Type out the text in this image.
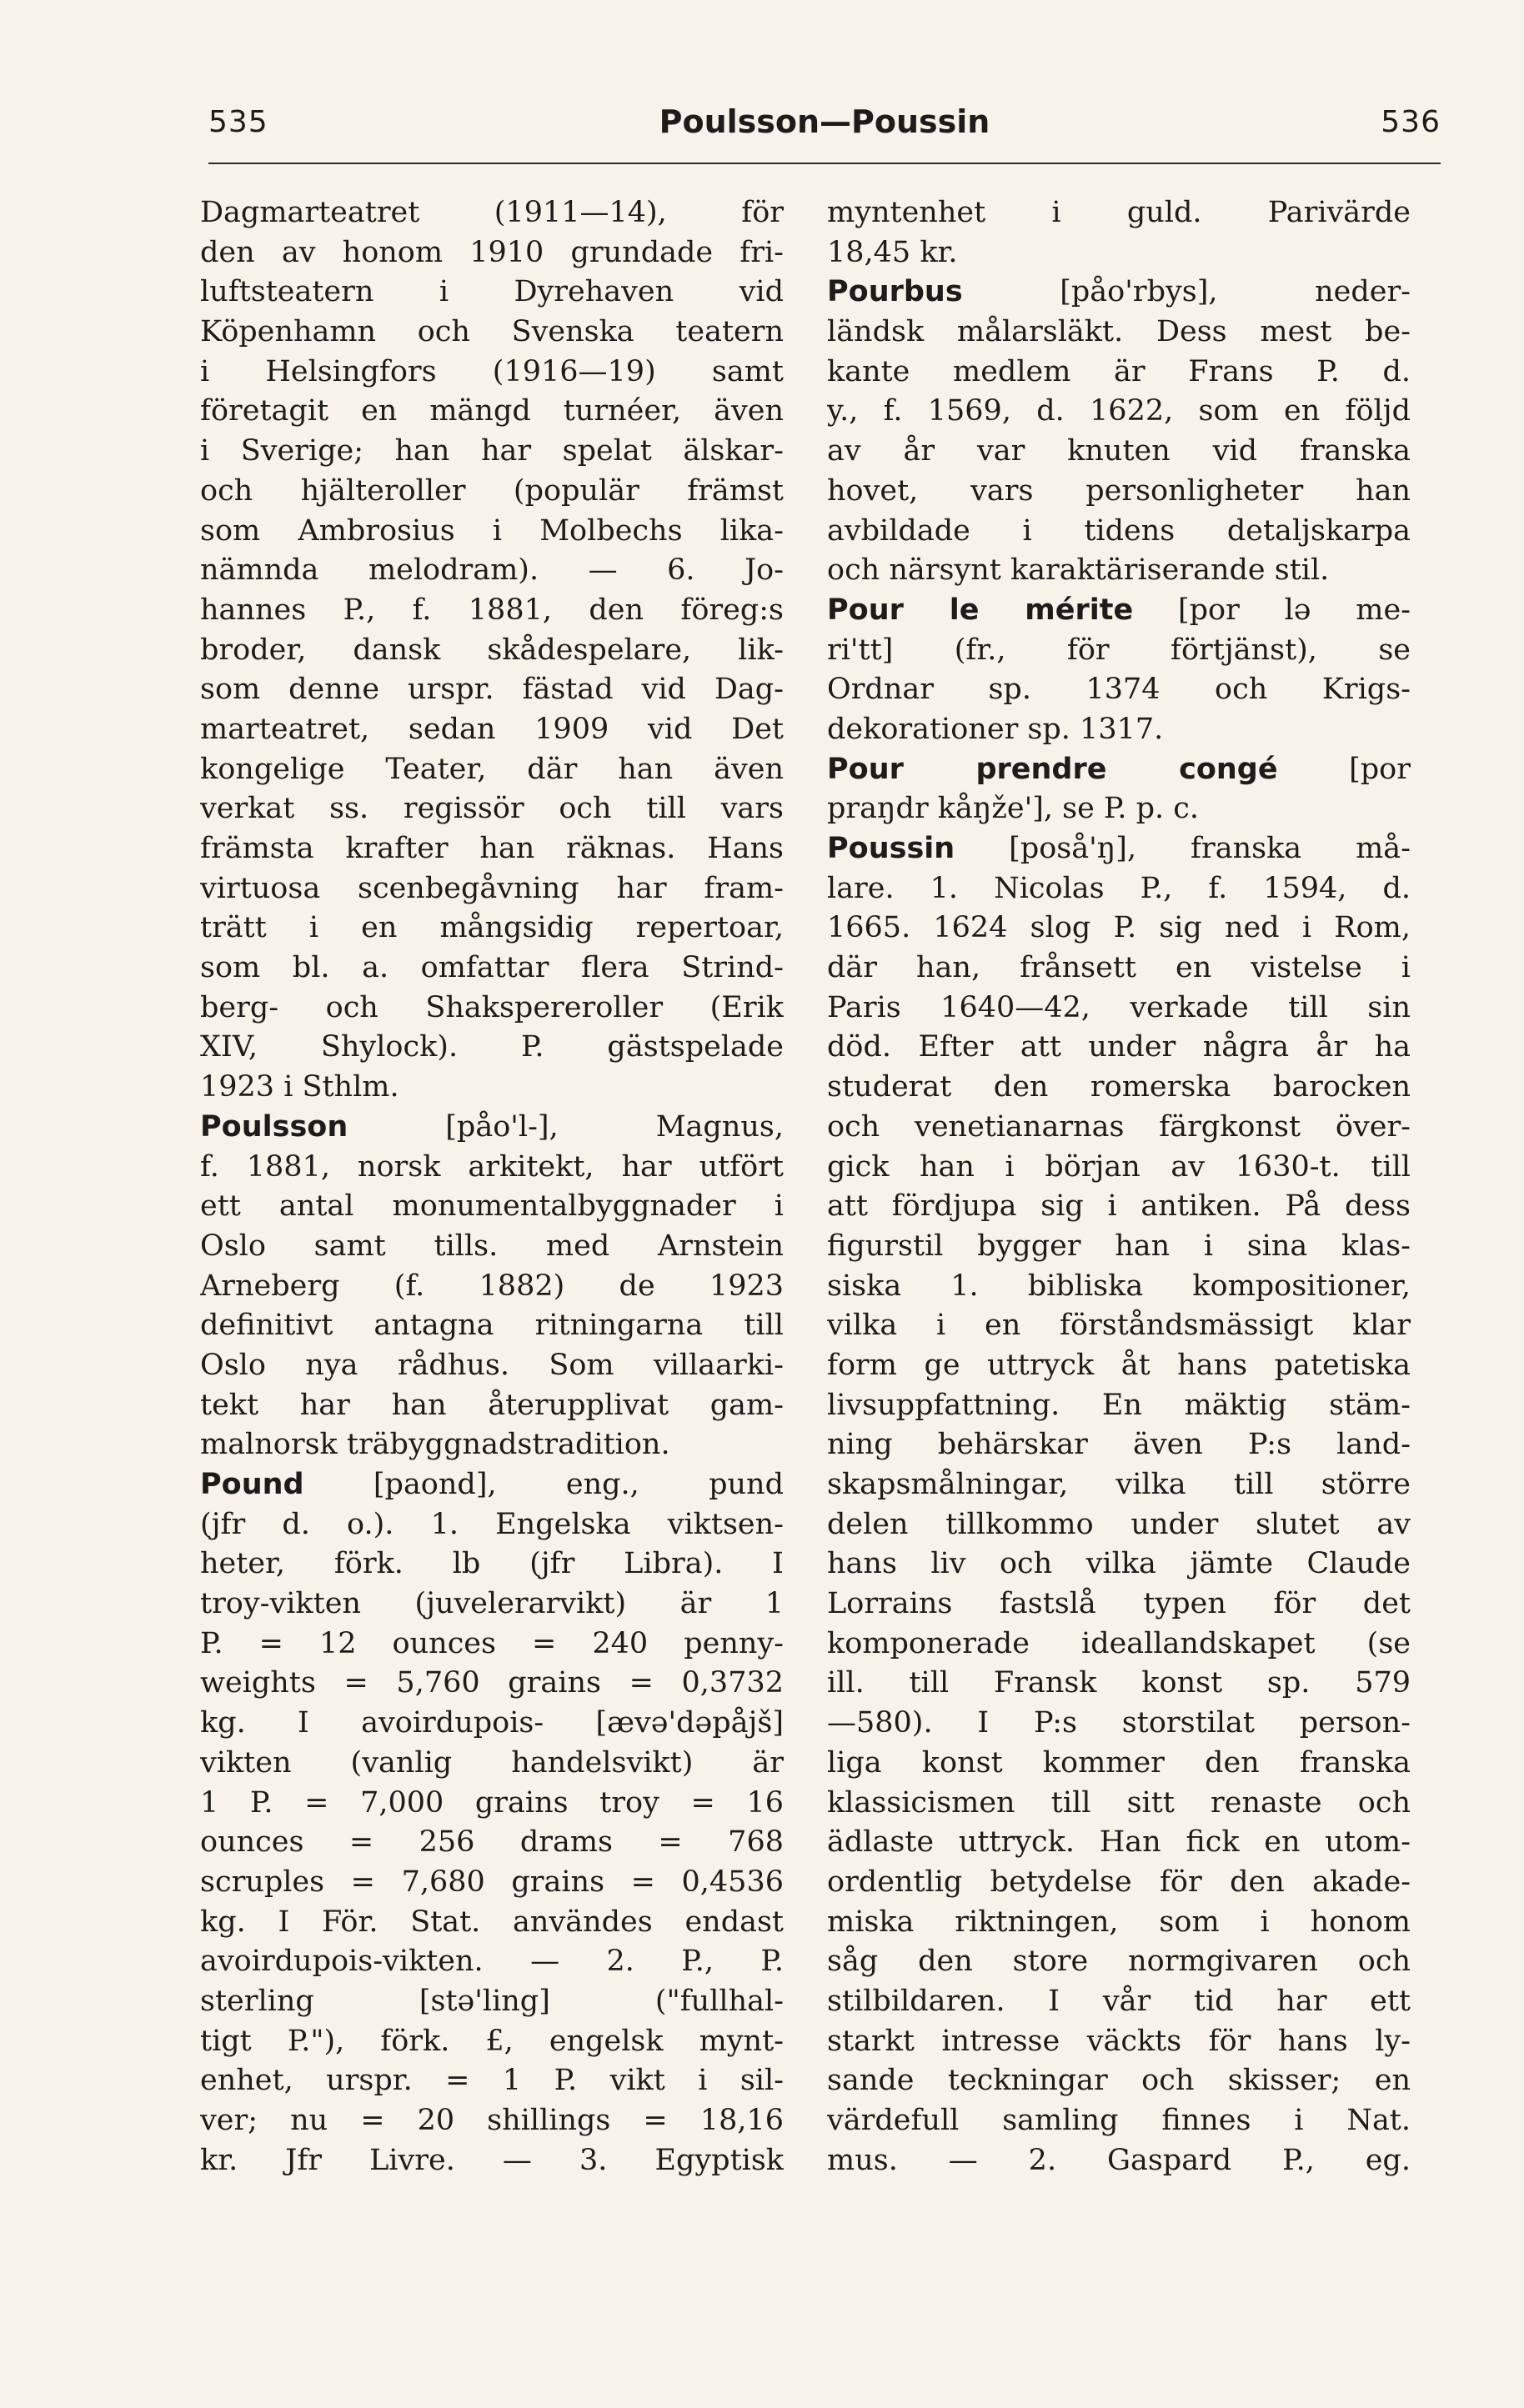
535	Poulsson—Poussin	536
Dagmarteatret (1911—14), för
den av honom 1910 grundade fri-
luftsteatern i Dyrehaven vid
Köpenhamn och Svenska teatern
i Helsingfors (1916—19) samt
företagit en mängd turnéer, även
i Sverige; han har spelat älskar-
och hjälteroller (populär främst
som Ambrosius i Molbechs lika-
nämnda melodram). — 6. Jo-
hannes P., f. 1881, den föreg:s
broder, dansk skådespelare, lik-
som denne urspr. fästad vid Dag-
marteatret, sedan 1909 vid Det
kongelige Teater, där han även
verkat ss. regissör och till vars
främsta krafter han räknas. Hans
virtuosa scenbegåvning har fram-
trätt i en mångsidig repertoar,
som bl. a. omfattar flera Strind-
berg- och Shakspereroller (Erik
XIV, Shylock). P. gästspelade
1923 i Sthlm.
Poulsson [påo'l-], Magnus,
f. 1881, norsk arkitekt, har utfört
ett antal monumentalbyggnader i
Oslo samt tills. med Arnstein
Arneberg (f. 1882) de 1923
definitivt antagna ritningarna till
Oslo nya rådhus. Som villaarki-
tekt har han återupplivat gam-
malnorsk träbyggnadstradition.
Pound [paond], eng., pund
(jfr d. o.). 1. Engelska viktsen-
heter, förk. lb (jfr Libra). I
troy-vikten (juvelerarvikt) är 1
P. = 12 ounces = 240 penny-
weights = 5,760 grains = 0,3732
kg. I avoirdupois- [ævə'dəpåjš]
vikten (vanlig handelsvikt) är
1 P. = 7,000 grains troy = 16
ounces = 256 drams = 768
scruples = 7,680 grains = 0,4536
kg. I För. Stat. användes endast
avoirdupois-vikten. — 2. P., P.
sterling [stə'ling] ("fullhal-
tigt P."), förk. £, engelsk mynt-
enhet, urspr. = 1 P. vikt i sil-
ver; nu = 20 shillings = 18,16
kr. Jfr Livre. — 3. Egyptisk
myntenhet i guld. Parivärde
18,45 kr.
Pourbus [påo'rbys], neder-
ländsk målarsläkt. Dess mest be-
kante medlem är Frans P. d.
y., f. 1569, d. 1622, som en följd
av år var knuten vid franska
hovet, vars personligheter han
avbildade i tidens detaljskarpa
och närsynt karaktäriserande stil.
Pour le mérite [por lə me-
ri'tt] (fr., för förtjänst), se
Ordnar sp. 1374 och Krigs-
dekorationer sp. 1317.
Pour prendre congé [por
praŋdr kåŋže'], se P. p. c.
Poussin [poså'ŋ], franska må-
lare. 1. Nicolas P., f. 1594, d.
1665. 1624 slog P. sig ned i Rom,
där han, frånsett en vistelse i
Paris 1640—42, verkade till sin
död. Efter att under några år ha
studerat den romerska barocken
och venetianarnas färgkonst över-
gick han i början av 1630-t. till
att fördjupa sig i antiken. På dess
figurstil bygger han i sina klas-
siska 1. bibliska kompositioner,
vilka i en förståndsmässigt klar
form ge uttryck åt hans patetiska
livsuppfattning. En mäktig stäm-
ning behärskar även P:s land-
skapsmålningar, vilka till större
delen tillkommo under slutet av
hans liv och vilka jämte Claude
Lorrains fastslå typen för det
komponerade ideallandskapet (se
ill. till Fransk konst sp. 579
—580). I P:s storstilat person-
liga konst kommer den franska
klassicismen till sitt renaste och
ädlaste uttryck. Han fick en utom-
ordentlig betydelse för den akade-
miska riktningen, som i honom
såg den store normgivaren och
stilbildaren. I vår tid har ett
starkt intresse väckts för hans ly-
sande teckningar och skisser; en
värdefull samling finnes i Nat.
mus. — 2. Gaspard P., eg.
